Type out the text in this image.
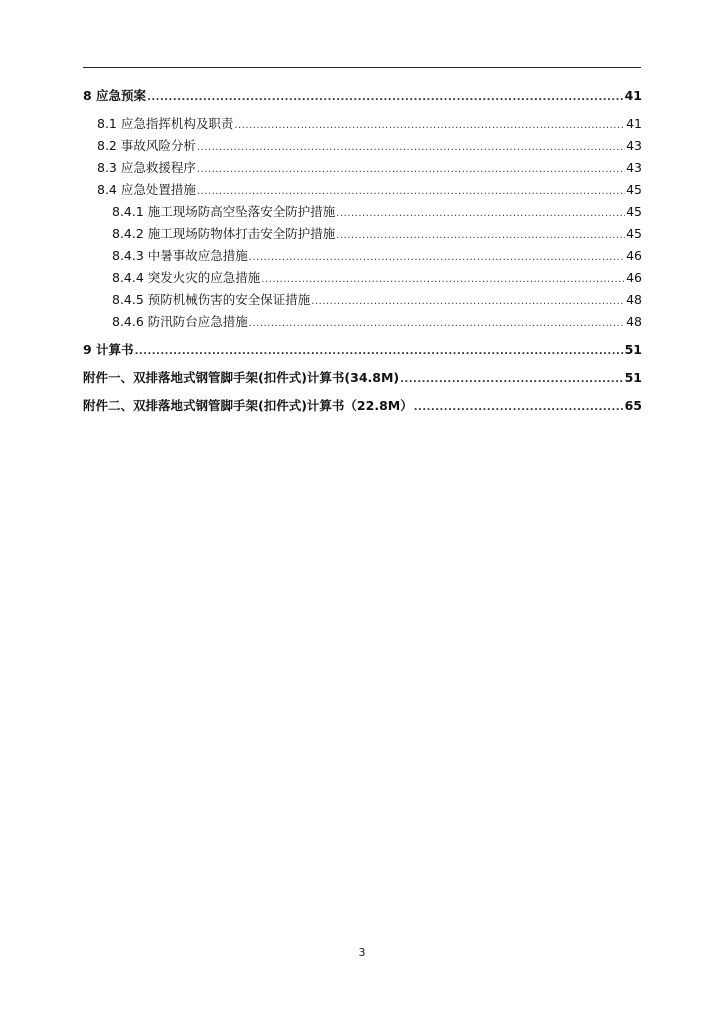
8 应急预案 .....	41
8.1 应急指挥机构及职责 .....	41
8.2 事故风险分析 .....	43
8.3 应急救援程序 .....	43
8.4 应急处置措施 .....	45
8.4.1 施工现场防高空坠落安全防护措施 .....	45
8.4.2 施工现场防物体打击安全防护措施 .....	45
8.4.3 中暑事故应急措施 .....	46
8.4.4 突发火灾的应急措施 .....	46
8.4.5 预防机械伤害的安全保证措施 .....	48
8.4.6 防汛防台应急措施 .....	48
9 计算书 .....	51
附件一、双排落地式钢管脚手架(扣件式)计算书(34.8M) .....	51
附件二、双排落地式钢管脚手架(扣件式)计算书（22.8M） .....	65
3
